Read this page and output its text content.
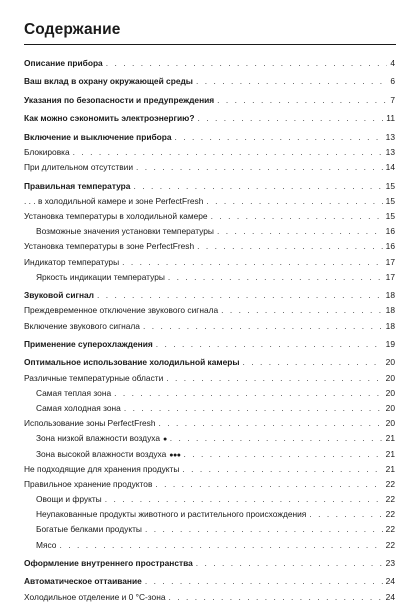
Содержание
Описание прибора . . .	4
Ваш вклад в охрану окружающей среды . . .	6
Указания по безопасности и предупреждения . . .	7
Как можно сэкономить электроэнергию? . . .	11
Включение и выключение прибора . . .	13
Блокировка . . .	13
При длительном отсутствии . . .	14
Правильная температура . . .	15
. . . в холодильной камере и зоне PerfectFresh . . .	15
Установка температуры в холодильной камере . . .	15
Возможные значения установки температуры . . .	16
Установка температуры в зоне PerfectFresh . . .	16
Индикатор температуры . . .	17
Яркость индикации температуры . . .	17
Звуковой сигнал . . .	18
Преждевременное отключение звукового сигнала . . .	18
Включение звукового сигнала . . .	18
Применение суперохлаждения . . .	19
Оптимальное использование холодильной камеры . . .	20
Различные температурные области . . .	20
Самая теплая зона . . .	20
Самая холодная зона . . .	20
Использование зоны PerfectFresh . . .	20
Зона низкой влажности воздуха ● . . .	21
Зона высокой влажности воздуха ●●● . . .	21
Не подходящие для хранения продукты . . .	21
Правильное хранение продуктов . . .	22
Овощи и фрукты . . .	22
Неупакованные продукты животного и растительного происхождения . . .	22
Богатые белками продукты . . .	22
Мясо . . .	22
Оформление внутреннего пространства . . .	23
Автоматическое оттаивание . . .	24
Холодильное отделение и 0 °C-зона . . .	24
